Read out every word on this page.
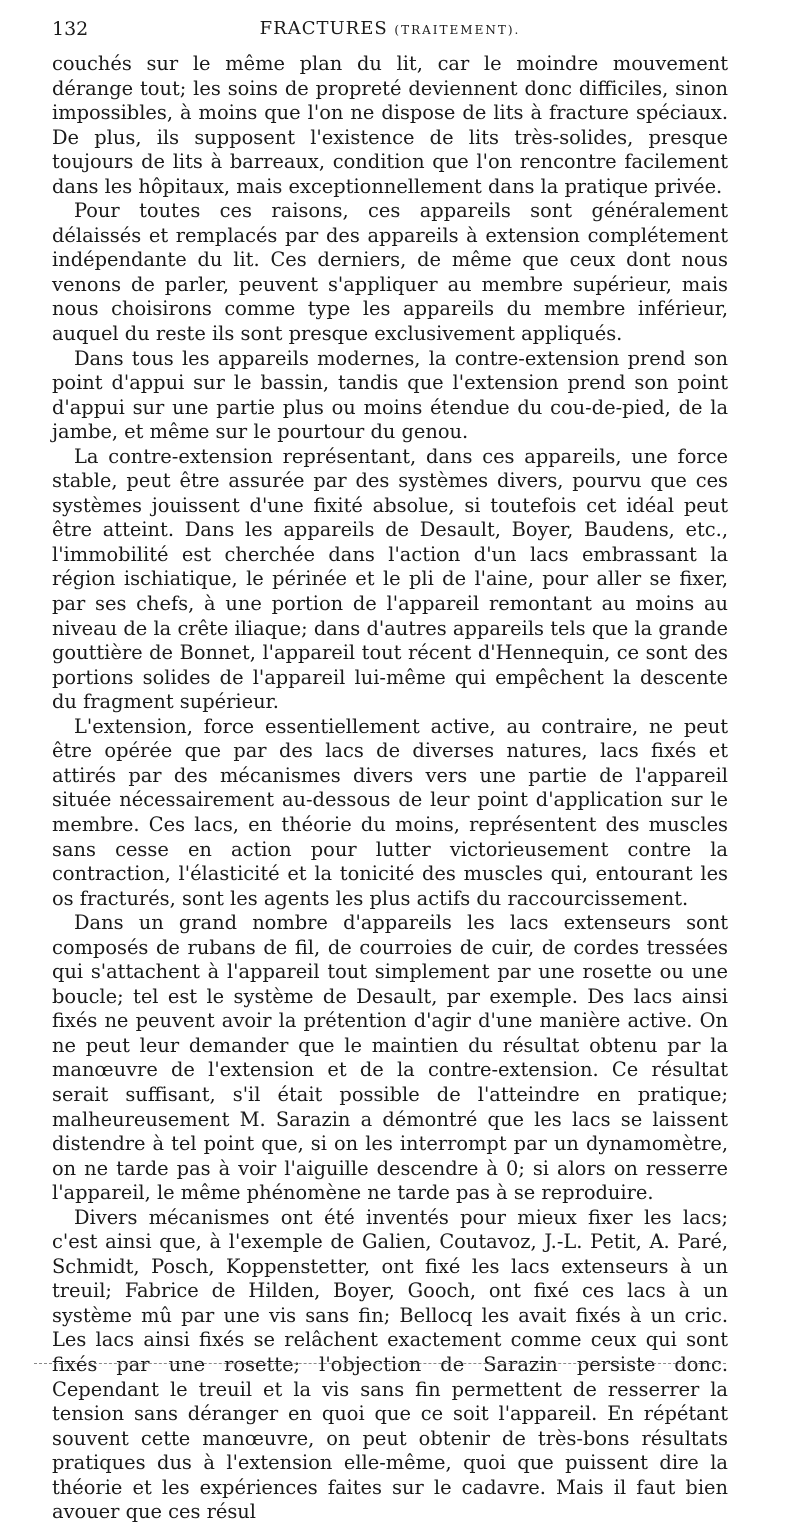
132	FRACTURES (TRAITEMENT).

couchés sur le même plan du lit, car le moindre mouvement dérange tout; les soins de propreté deviennent donc difficiles, sinon impossibles, à moins que l'on ne dispose de lits à fracture spéciaux. De plus, ils supposent l'existence de lits très-solides, presque toujours de lits à barreaux, condition que l'on rencontre facilement dans les hôpitaux, mais exceptionnellement dans la pratique privée.

Pour toutes ces raisons, ces appareils sont généralement délaissés et remplacés par des appareils à extension complétement indépendante du lit. Ces derniers, de même que ceux dont nous venons de parler, peuvent s'appliquer au membre supérieur, mais nous choisirons comme type les appareils du membre inférieur, auquel du reste ils sont presque exclusivement appliqués.

Dans tous les appareils modernes, la contre-extension prend son point d'appui sur le bassin, tandis que l'extension prend son point d'appui sur une partie plus ou moins étendue du cou-de-pied, de la jambe, et même sur le pourtour du genou.

La contre-extension représentant, dans ces appareils, une force stable, peut être assurée par des systèmes divers, pourvu que ces systèmes jouissent d'une fixité absolue, si toutefois cet idéal peut être atteint. Dans les appareils de Desault, Boyer, Baudens, etc., l'immobilité est cherchée dans l'action d'un lacs embrassant la région ischiatique, le périnée et le pli de l'aine, pour aller se fixer, par ses chefs, à une portion de l'appareil remontant au moins au niveau de la crête iliaque; dans d'autres appareils tels que la grande gouttière de Bonnet, l'appareil tout récent d'Hennequin, ce sont des portions solides de l'appareil lui-même qui empêchent la descente du fragment supérieur.

L'extension, force essentiellement active, au contraire, ne peut être opérée que par des lacs de diverses natures, lacs fixés et attirés par des mécanismes divers vers une partie de l'appareil située nécessairement au-dessous de leur point d'application sur le membre. Ces lacs, en théorie du moins, représentent des muscles sans cesse en action pour lutter victorieusement contre la contraction, l'élasticité et la tonicité des muscles qui, entourant les os fracturés, sont les agents les plus actifs du raccourcissement.

Dans un grand nombre d'appareils les lacs extenseurs sont composés de rubans de fil, de courroies de cuir, de cordes tressées qui s'attachent à l'appareil tout simplement par une rosette ou une boucle; tel est le système de Desault, par exemple. Des lacs ainsi fixés ne peuvent avoir la prétention d'agir d'une manière active. On ne peut leur demander que le maintien du résultat obtenu par la manœuvre de l'extension et de la contre-extension. Ce résultat serait suffisant, s'il était possible de l'atteindre en pratique; malheureusement M. Sarazin a démontré que les lacs se laissent distendre à tel point que, si on les interrompt par un dynamomètre, on ne tarde pas à voir l'aiguille descendre à 0; si alors on resserre l'appareil, le même phénomène ne tarde pas à se reproduire.

Divers mécanismes ont été inventés pour mieux fixer les lacs; c'est ainsi que, à l'exemple de Galien, Coutavoz, J.-L. Petit, A. Paré, Schmidt, Posch, Koppenstetter, ont fixé les lacs extenseurs à un treuil; Fabrice de Hilden, Boyer, Gooch, ont fixé ces lacs à un système mû par une vis sans fin; Bellocq les avait fixés à un cric. Les lacs ainsi fixés se relâchent exactement comme ceux qui sont fixés par une rosette; l'objection de Sarazin persiste donc. Cependant le treuil et la vis sans fin permettent de resserrer la tension sans déranger en quoi que ce soit l'appareil. En répétant souvent cette manœuvre, on peut obtenir de très-bons résultats pratiques dus à l'extension elle-même, quoi que puissent dire la théorie et les expériences faites sur le cadavre. Mais il faut bien avouer que ces résul
